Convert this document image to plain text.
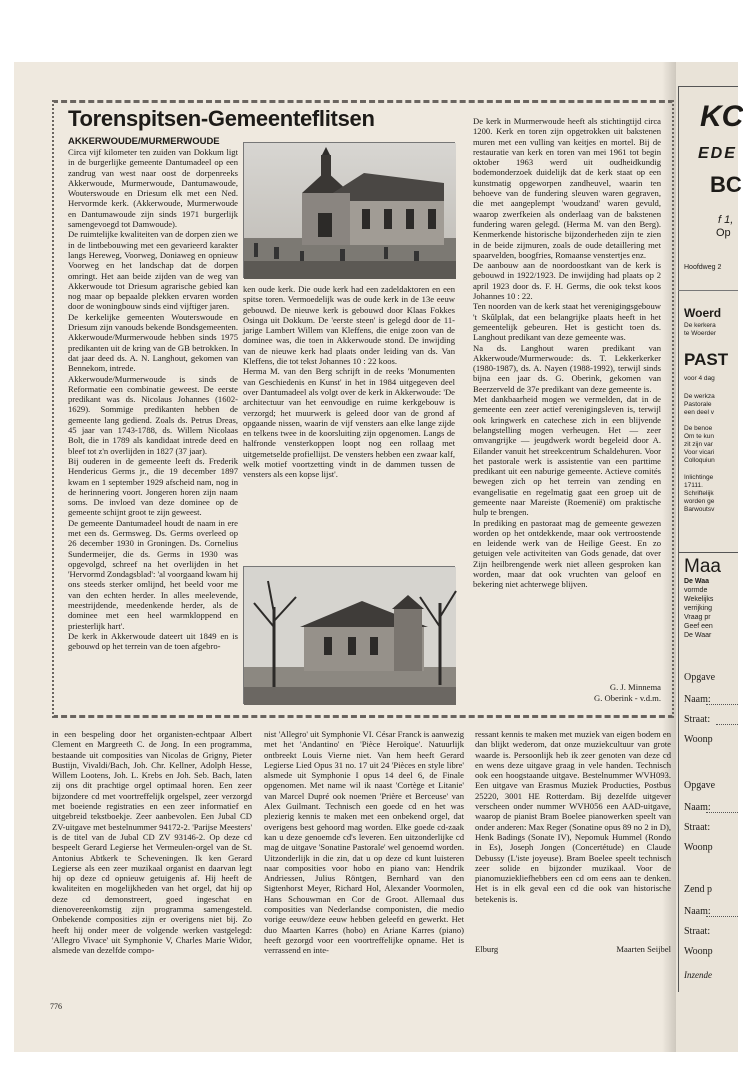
Torenspitsen-Gemeenteflitsen
AKKERWOUDE/MURMERWOUDE

Circa vijf kilometer ten zuiden van Dokkum ligt in de burgerlijke gemeente Dantumadeel op een zandrug van west naar oost de dorpenreeks Akkerwoude, Murmerwoude, Dantumawoude, Wouterswoude en Driesum elk met een Ned. Hervormde kerk. (Akkerwoude, Murmerwoude en Dantumawoude zijn sinds 1971 burgerlijk samengevoegd tot Damwoude).

De ruimtelijke kwaliteiten van de dorpen zien we in de lintbebouwing met een gevarieerd karakter langs Hereweg, Voorweg, Doniaweg en opnieuw Voorweg en het landschap dat de dorpen omringt. Het aan beide zijden van de weg van Akkerwoude tot Driesum agrarische gebied kan nog maar op bepaalde plekken ervaren worden door de woningbouw sinds eind vijftiger jaren.

De kerkelijke gemeenten Wouterswoude en Driesum zijn vanouds bekende Bondsgemeenten. Akkerwoude/Murmerwoude hebben sinds 1975 predikanten uit de kring van de GB betrokken. In dat jaar deed ds. A. N. Langhout, gekomen van Bennekom, intrede.

Akkerwoude/Murmerwoude is sinds de Reformatie een combinatie geweest. De eerste predikant was ds. Nicolaus Johannes (1602-1629). Sommige predikanten hebben de gemeente lang gediend. Zoals ds. Petrus Dreas, 45 jaar van 1743-1788, ds. Willem Nicolaas Bolt, die in 1789 als kandidaat intrede deed en bleef tot z'n overlijden in 1827 (37 jaar).

Bij ouderen in de gemeente leeft ds. Frederik Hendericus Germs jr., die 19 december 1897 kwam en 1 september 1929 afscheid nam, nog in de herinnering voort. Jongeren horen zijn naam soms. De invloed van deze dominee op de gemeente schijnt groot te zijn geweest.

De gemeente Dantumadeel houdt de naam in ere met een ds. Germsweg. Ds. Germs overleed op 26 december 1930 in Groningen. Ds. Cornelius Sundermeijer, die ds. Germs in 1930 was opgevolgd, schreef na het overlijden in het 'Hervormd Zondagsblad': 'al voorgaand kwam hij ons steeds sterker omlijnd, het beeld voor me van den echten herder. In alles meelevende, meestrijdende, meedenkende herder, als de dominee met een heel warmkloppend en priesterlijk hart'.

De kerk in Akkerwoude dateert uit 1849 en is gebouwd op het terrein van de toen afgebro-

ken oude kerk. Die oude kerk had een zadeldaktoren en een spitse toren. Vermoedelijk was de oude kerk in de 13e eeuw gebouwd. De nieuwe kerk is gebouwd door Klaas Fokkes Osinga uit Dokkum. De 'eerste steen' is gelegd door de 11-jarige Lambert Willem van Kleffens, die enige zoon van de dominee was, die toen in Akkerwoude stond. De inwijding van de nieuwe kerk had plaats onder leiding van ds. Van Kleffens, die tot tekst Johannes 10 : 22 koos.

Herma M. van den Berg schrijft in de reeks 'Monumenten van Geschiedenis en Kunst' in het in 1984 uitgegeven deel over Dantumadeel als volgt over de kerk in Akkerwoude: 'De architectuur van het eenvoudige en ruime kerkgebouw is verzorgd; het muurwerk is geleed door van de grond af opgaande nissen, waarin de vijf vensters aan elke lange zijde en telkens twee in de koorsluiting zijn opgenomen. Langs de halfronde vensterkoppen loopt nog een rollaag met uitgemetselde profiellijst. De vensters hebben een zwaar kalf, welk motief voortzetting vindt in de dammen tussen de vensters als een kopse lijst'.

De kerk in Murmerwoude heeft als stichtingtijd circa 1200. Kerk en toren zijn opgetrokken uit bakstenen muren met een vulling van keitjes en mortel. Bij de restauratie van kerk en toren van mei 1961 tot begin oktober 1963 werd uit oudheidkundig bodemonderzoek duidelijk dat de kerk staat op een kunstmatig opgeworpen zandheuvel, waarin ten behoeve van de fundering sleuven waren gegraven, die met aangeplempt 'woudzand' waren gevuld, waarop zwerfkeien als onderlaag van de bakstenen fundering waren gelegd. (Herma M. van den Berg). Kenmerkende historische bijzonderheden zijn te zien in de beide zijmuren, zoals de oude detaillering met spaarvelden, boogfries, Romaanse venstertjes enz.

De aanbouw aan de noordoostkant van de kerk is gebouwd in 1922/1923. De inwijding had plaats op 2 april 1923 door ds. F. H. Germs, die ook tekst koos Johannes 10 : 22.

Ten noorden van de kerk staat het verenigingsgebouw 't Skûlplak, dat een belangrijke plaats heeft in het gemeentelijk gebeuren. Het is gesticht toen ds. Langhout predikant van deze gemeente was.

Na ds. Langhout waren predikant van Akkerwoude/Murmerwoude: ds. T. Lekkerkerker (1980-1987), ds. A. Nayen (1988-1992), terwijl sinds bijna een jaar ds. G. Oberink, gekomen van Beerzerveld de 37e predikant van deze gemeente is.

Met dankbaarheid mogen we vermelden, dat in de gemeente een zeer actief verenigingsleven is, terwijl ook kringwerk en catechese zich in een blijvende belangstelling mogen verheugen. Het — zeer omvangrijke — jeugdwerk wordt begeleid door A. Eilander vanuit het streekcentrum Schaldehuren. Voor het pastorale werk is assistentie van een parttime predikant uit een naburige gemeente. Actieve comités bewegen zich op het terrein van zending en evangelisatie en regelmatig gaat een groep uit de gemeente naar Mareiste (Roemenië) om praktische hulp te brengen.

In prediking en pastoraat mag de gemeente gewezen worden op het ontdekkende, maar ook vertroostende en leidende werk van de Heilige Geest. En zo getuigen vele activiteiten van Gods genade, dat over Zijn heilbrengende werk niet alleen gesproken kan worden, maar dat ook vruchten van geloof en bekering niet achterwege blijven.

G. J. Minnema
G. Oberink - v.d.m.

in een bespeling door het organisten-echtpaar Albert Clement en Margreeth C. de Jong. In een programma, bestaande uit composities van Nicolas de Grigny, Pieter Bustijn, Vivaldi/Bach, Joh. Chr. Kellner, Adolph Hesse, Willem Lootens, Joh. L. Krebs en Joh. Seb. Bach, laten zij ons dit prachtige orgel optimaal horen. Een zeer bijzondere cd met voortreffelijk orgelspel, zeer verzorgd met boeiende registraties en een zeer informatief en uitgebreid tekstboekje. Zeer aanbevolen. Een Jubal CD ZV-uitgave met bestelnummer 94172-2. 'Parijse Meesters' is de titel van de Jubal CD ZV 93146-2. Op deze cd bespeelt Gerard Legierse het Vermeulen-orgel van de St. Antonius Abtkerk te Scheveningen. Ik ken Gerard Legierse als een zeer muzikaal organist en daarvan legt hij op deze cd opnieuw getuigenis af. Hij heeft de kwaliteiten en mogelijkheden van het orgel, dat hij op deze cd demonstreert, goed ingeschat en dienovereenkomstig zijn programma samengesteld. Onbekende composities zijn er overigens niet bij. Zo heeft hij onder meer de volgende werken vastgelegd: 'Allegro Vivace' uit Symphonie V, Charles Marie Widor, alsmede van dezelfde compo-

nist 'Allegro' uit Symphonie VI. César Franck is aanwezig met het 'Andantino' en 'Pièce Heroïque'. Natuurlijk ontbreekt Louis Vierne niet. Van hem heeft Gerard Legierse Lied Opus 31 no. 17 uit 24 'Pièces en style libre' alsmede uit Symphonie I opus 14 deel 6, de Finale opgenomen. Met name wil ik naast 'Cortège et Litanie' van Marcel Dupré ook noemen 'Prière et Berceuse' van Alex Guilmant. Technisch een goede cd en het was plezierig kennis te maken met een onbekend orgel, dat overigens best gehoord mag worden. Elke goede cd-zaak kan u deze genoemde cd's leveren. Een uitzonderlijke cd mag de uitgave 'Sonatine Pastorale' wel genoemd worden. Uitzonderlijk in die zin, dat u op deze cd kunt luisteren naar composities voor hobo en piano van: Hendrik Andriessen, Julius Röntgen, Bernhard van den Sigtenhorst Meyer, Richard Hol, Alexander Voormolen, Hans Schouwman en Cor de Groot. Allemaal dus composities van Nederlandse componisten, die medio vorige eeuw/deze eeuw hebben geleefd en gewerkt. Het duo Maarten Karres (hobo) en Ariane Karres (piano) heeft gezorgd voor een voortreffelijke opname. Het is verrassend en inte-

ressant kennis te maken met muziek van eigen bodem en dan blijkt wederom, dat onze muziekcultuur van grote waarde is. Persoonlijk heb ik zeer genoten van deze cd en wens deze uitgave graag in vele handen. Technisch ook een hoogstaande uitgave. Bestelnummer WVH093. Een uitgave van Erasmus Muziek Producties, Postbus 25220, 3001 HE Rotterdam. Bij dezelfde uitgever verscheen onder nummer WVH056 een AAD-uitgave, waarop de pianist Bram Boelee pianowerken speelt van onder anderen: Max Reger (Sonatine opus 89 no 2 in D), Henk Badings (Sonate IV), Nepomuk Hummel (Rondo in Es), Joseph Jongen (Concertétude) en Claude Debussy (L'iste joyeuse). Bram Boelee speelt technisch zeer solide en bijzonder muzikaal. Voor de pianomuziekliefhebbers een cd om eens aan te denken. Het is in elk geval een cd die ook van historische betekenis is.

Elburg	Maarten Seijbel
776
KC
EDE
BC
f 1,
Op
Hoofdweg 2
Woerd
De kerkera
te Woerder
PAST
voor 4 dag
De werkza
Pastorale
een deel v
De benoe
Om te kun
zit zijn var
Voor vicari
Colloquiun
Inlichtinge
17111.
Schriftelijk
worden ge
Barwoutsv
Maa
De Waa
vormde
Wekelijks
verrijking
Vraag pr
Geef een
De Waar
Opgave
Naam:
Straat:
Woonp
Opgave
Naam:
Straat:
Woonp
Zend p
Naam:
Straat:
Woonp
Inzende
